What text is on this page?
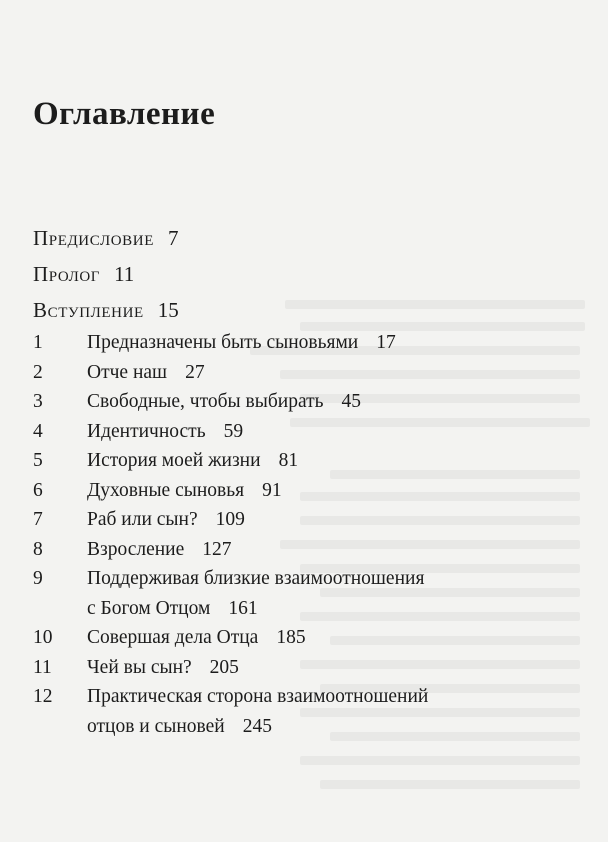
Оглавление
Предисловие 7
Пролог 11
Вступление 15
1	Предназначены быть сыновьями 17
2	Отче наш 27
3	Свободные, чтобы выбирать 45
4	Идентичность 59
5	История моей жизни 81
6	Духовные сыновья 91
7	Раб или сын? 109
8	Взросление 127
9	Поддерживая близкие взаимоотношения
с Богом Отцом 161
10	Совершая дела Отца 185
11	Чей вы сын? 205
12	Практическая сторона взаимоотношений
отцов и сыновей 245
